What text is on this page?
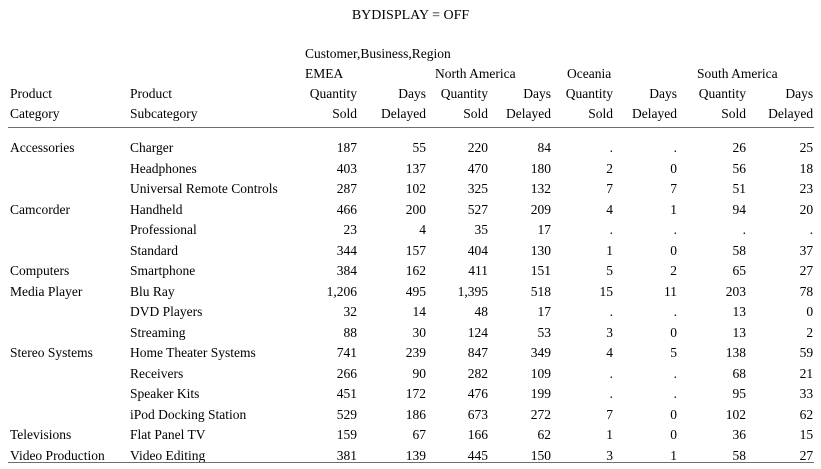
BYDISPLAY = OFF
		Customer,Business,Region							
		EMEA		North America		Oceania		South America	
Product	Product	Quantity	Days	Quantity	Days	Quantity	Days	Quantity	Days
Category	Subcategory	Sold	Delayed	Sold	Delayed	Sold	Delayed	Sold	Delayed

Accessories	Charger	187	55	220	84	.	.	26	25
	Headphones	403	137	470	180	2	0	56	18
	Universal Remote Controls	287	102	325	132	7	7	51	23
Camcorder	Handheld	466	200	527	209	4	1	94	20
	Professional	23	4	35	17	.	.	.	.
	Standard	344	157	404	130	1	0	58	37
Computers	Smartphone	384	162	411	151	5	2	65	27
Media Player	Blu Ray	1,206	495	1,395	518	15	11	203	78
	DVD Players	32	14	48	17	.	.	13	0
	Streaming	88	30	124	53	3	0	13	2
Stereo Systems	Home Theater Systems	741	239	847	349	4	5	138	59
	Receivers	266	90	282	109	.	.	68	21
	Speaker Kits	451	172	476	199	.	.	95	33
	iPod Docking Station	529	186	673	272	7	0	102	62
Televisions	Flat Panel TV	159	67	166	62	1	0	36	15
Video Production	Video Editing	381	139	445	150	3	1	58	27
